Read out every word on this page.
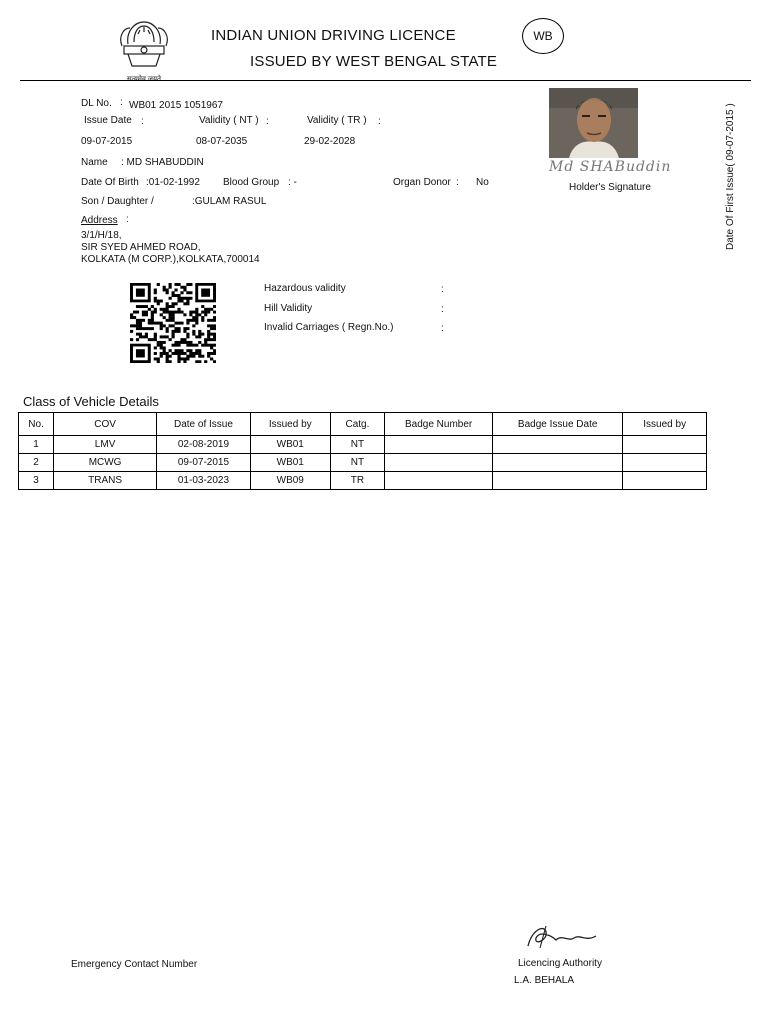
INDIAN UNION DRIVING LICENCE
ISSUED BY WEST BENGAL STATE
WB
DL No. : WB01 2015 1051967
Issue Date :	Validity ( NT ) :	Validity ( TR ) :
09-07-2015	08-07-2035	29-02-2028
Name : MD SHABUDDIN
Date Of Birth :01-02-1992 Blood Group : -	Organ Donor : No
Son / Daughter /	:GULAM RASUL
Address :
3/1/H/18,
SIR SYED AHMED ROAD,
KOLKATA (M CORP.),KOLKATA,700014
Md SHABuddin
Holder's Signature	Date Of First Issue( 09-07-2015 )
Hazardous validity	:
Hill Validity	:
Invalid Carriages ( Regn.No.)	:
Class of Vehicle Details
No.	COV	Date of Issue	Issued by	Catg.	Badge Number	Badge Issue Date	Issued by
1	LMV	02-08-2019	WB01	NT			
2	MCWG	09-07-2015	WB01	NT			
3	TRANS	01-03-2023	WB09	TR			
Emergency Contact Number	Licencing Authority
L.A. BEHALA
